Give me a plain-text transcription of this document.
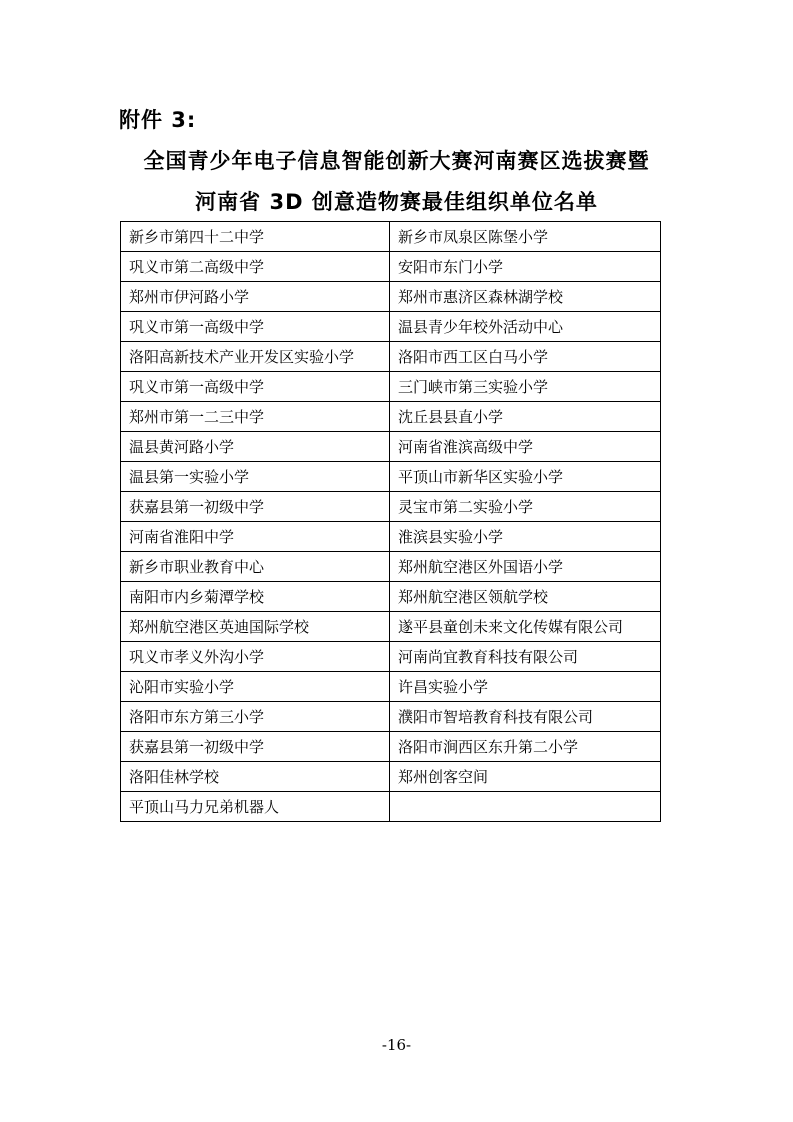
附件 3:
全国青少年电子信息智能创新大赛河南赛区选拔赛暨
河南省 3D 创意造物赛最佳组织单位名单
新乡市第四十二中学	新乡市凤泉区陈堡小学
巩义市第二高级中学	安阳市东门小学
郑州市伊河路小学	郑州市惠济区森林湖学校
巩义市第一高级中学	温县青少年校外活动中心
洛阳高新技术产业开发区实验小学	洛阳市西工区白马小学
巩义市第一高级中学	三门峡市第三实验小学
郑州市第一二三中学	沈丘县县直小学
温县黄河路小学	河南省淮滨高级中学
温县第一实验小学	平顶山市新华区实验小学
获嘉县第一初级中学	灵宝市第二实验小学
河南省淮阳中学	淮滨县实验小学
新乡市职业教育中心	郑州航空港区外国语小学
南阳市内乡菊潭学校	郑州航空港区领航学校
郑州航空港区英迪国际学校	遂平县童创未来文化传媒有限公司
巩义市孝义外沟小学	河南尚宜教育科技有限公司
沁阳市实验小学	许昌实验小学
洛阳市东方第三小学	濮阳市智培教育科技有限公司
获嘉县第一初级中学	洛阳市涧西区东升第二小学
洛阳佳林学校	郑州创客空间
平顶山马力兄弟机器人	
-16-
